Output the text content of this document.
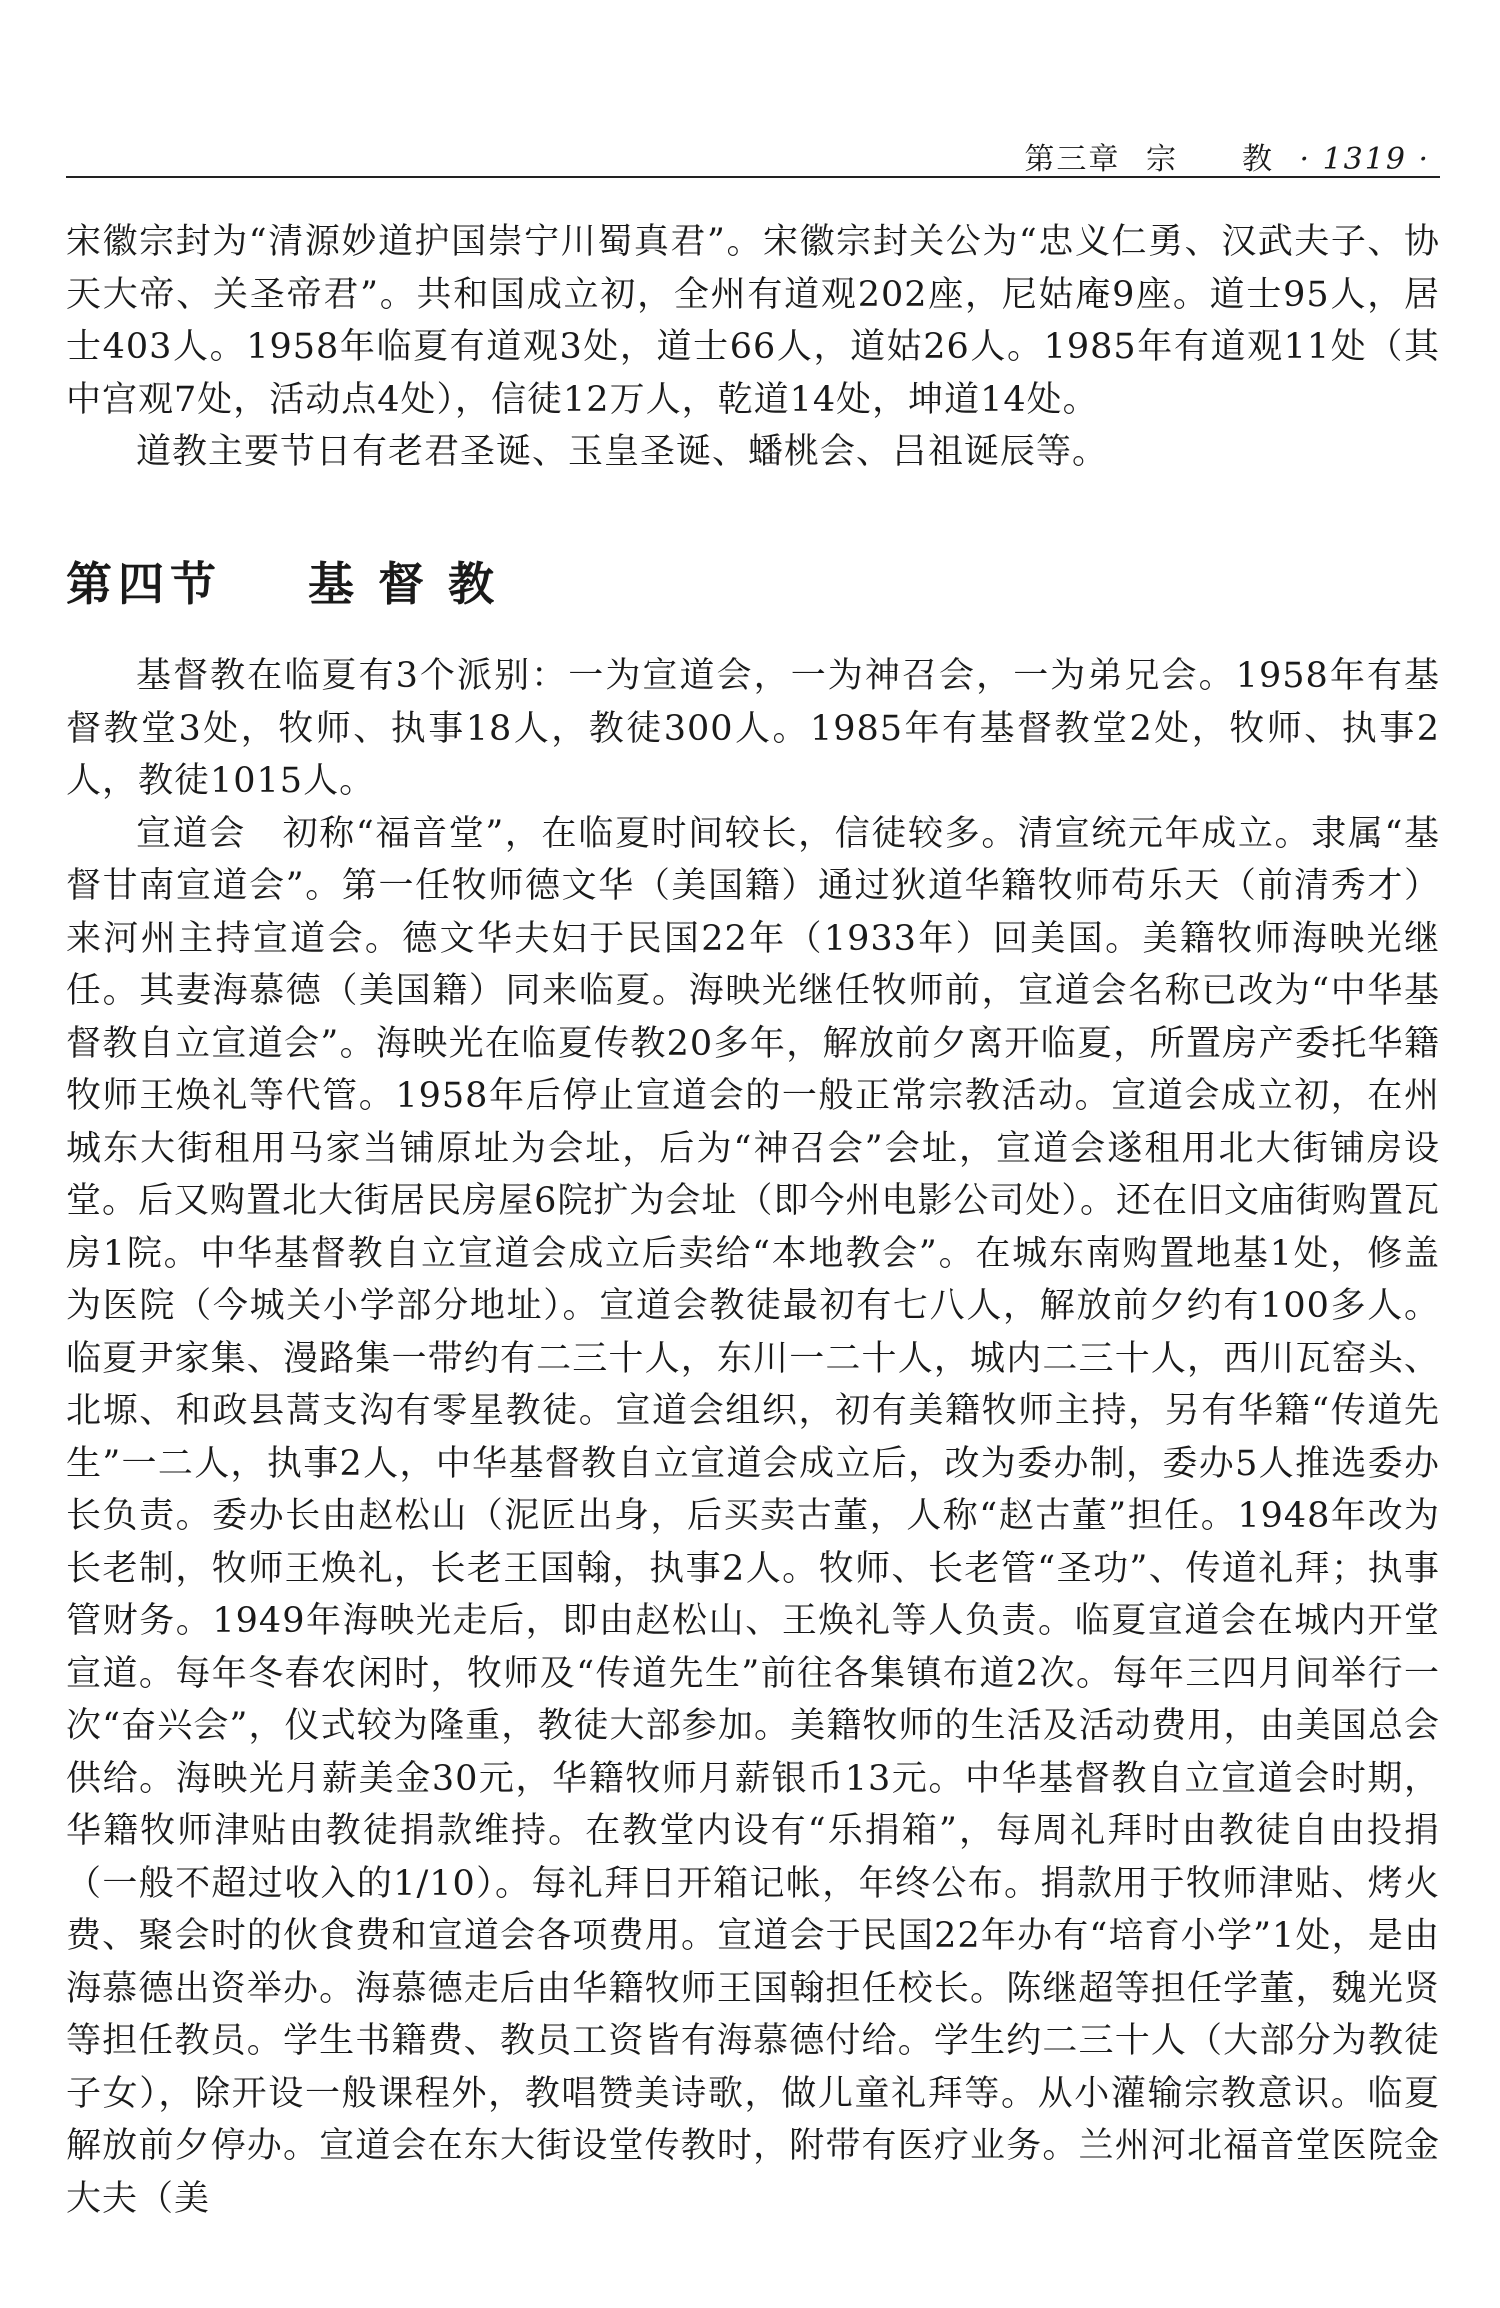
第三章 宗　　教 · 1319 ·

宋徽宗封为“清源妙道护国崇宁川蜀真君”。宋徽宗封关公为“忠义仁勇、汉武夫子、协天大帝、关圣帝君”。共和国成立初，全州有道观202座，尼姑庵9座。道士95人，居士403人。1958年临夏有道观3处，道士66人，道姑26人。1985年有道观11处（其中宫观7处，活动点4处），信徒12万人，乾道14处，坤道14处。

道教主要节日有老君圣诞、玉皇圣诞、蟠桃会、吕祖诞辰等。

第四节 基督教

基督教在临夏有3个派别：一为宣道会，一为神召会，一为弟兄会。1958年有基督教堂3处，牧师、执事18人，教徒300人。1985年有基督教堂2处，牧师、执事2人，教徒1015人。

宣道会　初称“福音堂”，在临夏时间较长，信徒较多。清宣统元年成立。隶属“基督甘南宣道会”。第一任牧师德文华（美国籍）通过狄道华籍牧师苟乐天（前清秀才）来河州主持宣道会。德文华夫妇于民国22年（1933年）回美国。美籍牧师海映光继任。其妻海慕德（美国籍）同来临夏。海映光继任牧师前，宣道会名称已改为“中华基督教自立宣道会”。海映光在临夏传教20多年，解放前夕离开临夏，所置房产委托华籍牧师王焕礼等代管。1958年后停止宣道会的一般正常宗教活动。宣道会成立初，在州城东大街租用马家当铺原址为会址，后为“神召会”会址，宣道会遂租用北大街铺房设堂。后又购置北大街居民房屋6院扩为会址（即今州电影公司处）。还在旧文庙街购置瓦房1院。中华基督教自立宣道会成立后卖给“本地教会”。在城东南购置地基1处，修盖为医院（今城关小学部分地址）。宣道会教徒最初有七八人，解放前夕约有100多人。临夏尹家集、漫路集一带约有二三十人，东川一二十人，城内二三十人，西川瓦窑头、北塬、和政县蒿支沟有零星教徒。宣道会组织，初有美籍牧师主持，另有华籍“传道先生”一二人，执事2人，中华基督教自立宣道会成立后，改为委办制，委办5人推选委办长负责。委办长由赵松山（泥匠出身，后买卖古董，人称“赵古董”担任。1948年改为长老制，牧师王焕礼，长老王国翰，执事2人。牧师、长老管“圣功”、传道礼拜；执事管财务。1949年海映光走后，即由赵松山、王焕礼等人负责。临夏宣道会在城内开堂宣道。每年冬春农闲时，牧师及“传道先生”前往各集镇布道2次。每年三四月间举行一次“奋兴会”，仪式较为隆重，教徒大部参加。美籍牧师的生活及活动费用，由美国总会供给。海映光月薪美金30元，华籍牧师月薪银币13元。中华基督教自立宣道会时期，华籍牧师津贴由教徒捐款维持。在教堂内设有“乐捐箱”，每周礼拜时由教徒自由投捐（一般不超过收入的1/10）。每礼拜日开箱记帐，年终公布。捐款用于牧师津贴、烤火费、聚会时的伙食费和宣道会各项费用。宣道会于民国22年办有“培育小学”1处，是由海慕德出资举办。海慕德走后由华籍牧师王国翰担任校长。陈继超等担任学董，魏光贤等担任教员。学生书籍费、教员工资皆有海慕德付给。学生约二三十人（大部分为教徒子女），除开设一般课程外，教唱赞美诗歌，做儿童礼拜等。从小灌输宗教意识。临夏解放前夕停办。宣道会在东大街设堂传教时，附带有医疗业务。兰州河北福音堂医院金大夫（美
